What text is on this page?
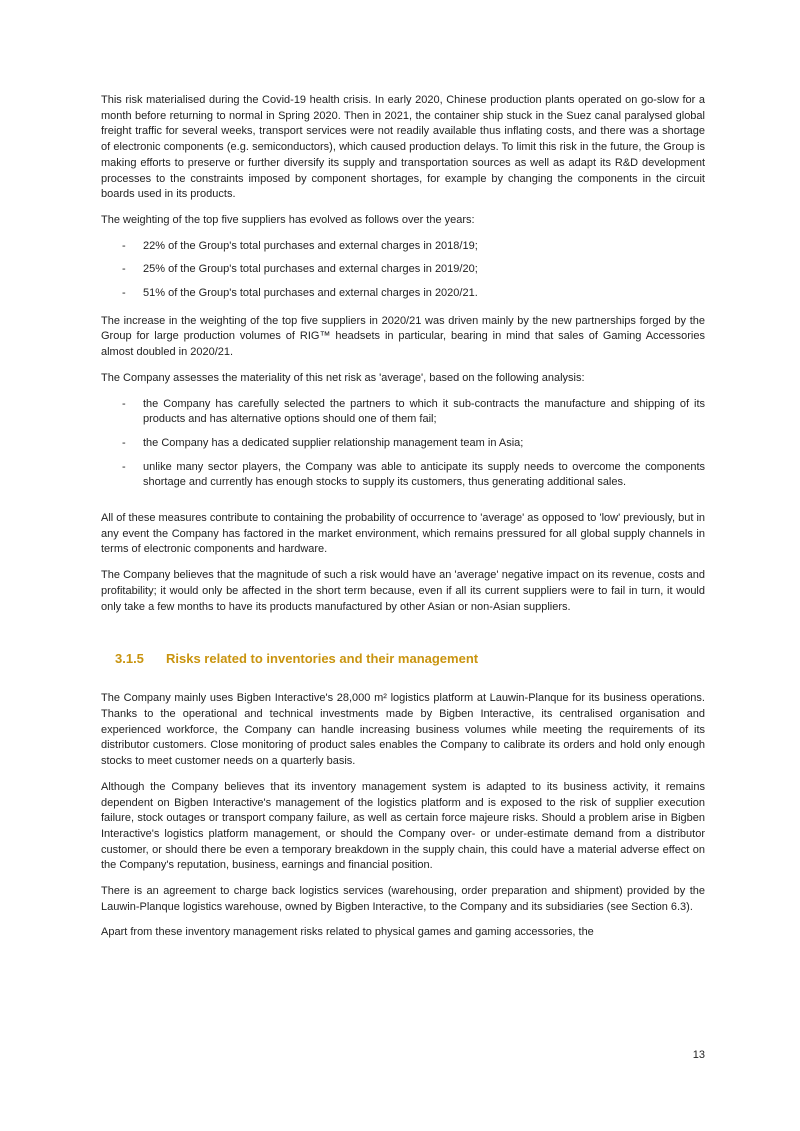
This risk materialised during the Covid-19 health crisis. In early 2020, Chinese production plants operated on go-slow for a month before returning to normal in Spring 2020. Then in 2021, the container ship stuck in the Suez canal paralysed global freight traffic for several weeks, transport services were not readily available thus inflating costs, and there was a shortage of electronic components (e.g. semiconductors), which caused production delays. To limit this risk in the future, the Group is making efforts to preserve or further diversify its supply and transportation sources as well as adapt its R&D development processes to the constraints imposed by component shortages, for example by changing the components in the circuit boards used in its products.

The weighting of the top five suppliers has evolved as follows over the years:

-	22% of the Group's total purchases and external charges in 2018/19;
-	25% of the Group's total purchases and external charges in 2019/20;
-	51% of the Group's total purchases and external charges in 2020/21.

The increase in the weighting of the top five suppliers in 2020/21 was driven mainly by the new partnerships forged by the Group for large production volumes of RIG™ headsets in particular, bearing in mind that sales of Gaming Accessories almost doubled in 2020/21.

The Company assesses the materiality of this net risk as 'average', based on the following analysis:

-	the Company has carefully selected the partners to which it sub-contracts the manufacture and shipping of its products and has alternative options should one of them fail;
-	the Company has a dedicated supplier relationship management team in Asia;
-	unlike many sector players, the Company was able to anticipate its supply needs to overcome the components shortage and currently has enough stocks to supply its customers, thus generating additional sales.

All of these measures contribute to containing the probability of occurrence to 'average' as opposed to 'low' previously, but in any event the Company has factored in the market environment, which remains pressured for all global supply channels in terms of electronic components and hardware.

The Company believes that the magnitude of such a risk would have an 'average' negative impact on its revenue, costs and profitability; it would only be affected in the short term because, even if all its current suppliers were to fail in turn, it would only take a few months to have its products manufactured by other Asian or non-Asian suppliers.

3.1.5	Risks related to inventories and their management

The Company mainly uses Bigben Interactive's 28,000 m² logistics platform at Lauwin-Planque for its business operations. Thanks to the operational and technical investments made by Bigben Interactive, its centralised organisation and experienced workforce, the Company can handle increasing business volumes while meeting the requirements of its distributor customers. Close monitoring of product sales enables the Company to calibrate its orders and hold only enough stocks to meet customer needs on a quarterly basis.

Although the Company believes that its inventory management system is adapted to its business activity, it remains dependent on Bigben Interactive's management of the logistics platform and is exposed to the risk of supplier execution failure, stock outages or transport company failure, as well as certain force majeure risks. Should a problem arise in Bigben Interactive's logistics platform management, or should the Company over- or under-estimate demand from a distributor customer, or should there be even a temporary breakdown in the supply chain, this could have a material adverse effect on the Company's reputation, business, earnings and financial position.

There is an agreement to charge back logistics services (warehousing, order preparation and shipment) provided by the Lauwin-Planque logistics warehouse, owned by Bigben Interactive, to the Company and its subsidiaries (see Section 6.3).

Apart from these inventory management risks related to physical games and gaming accessories, the

13
